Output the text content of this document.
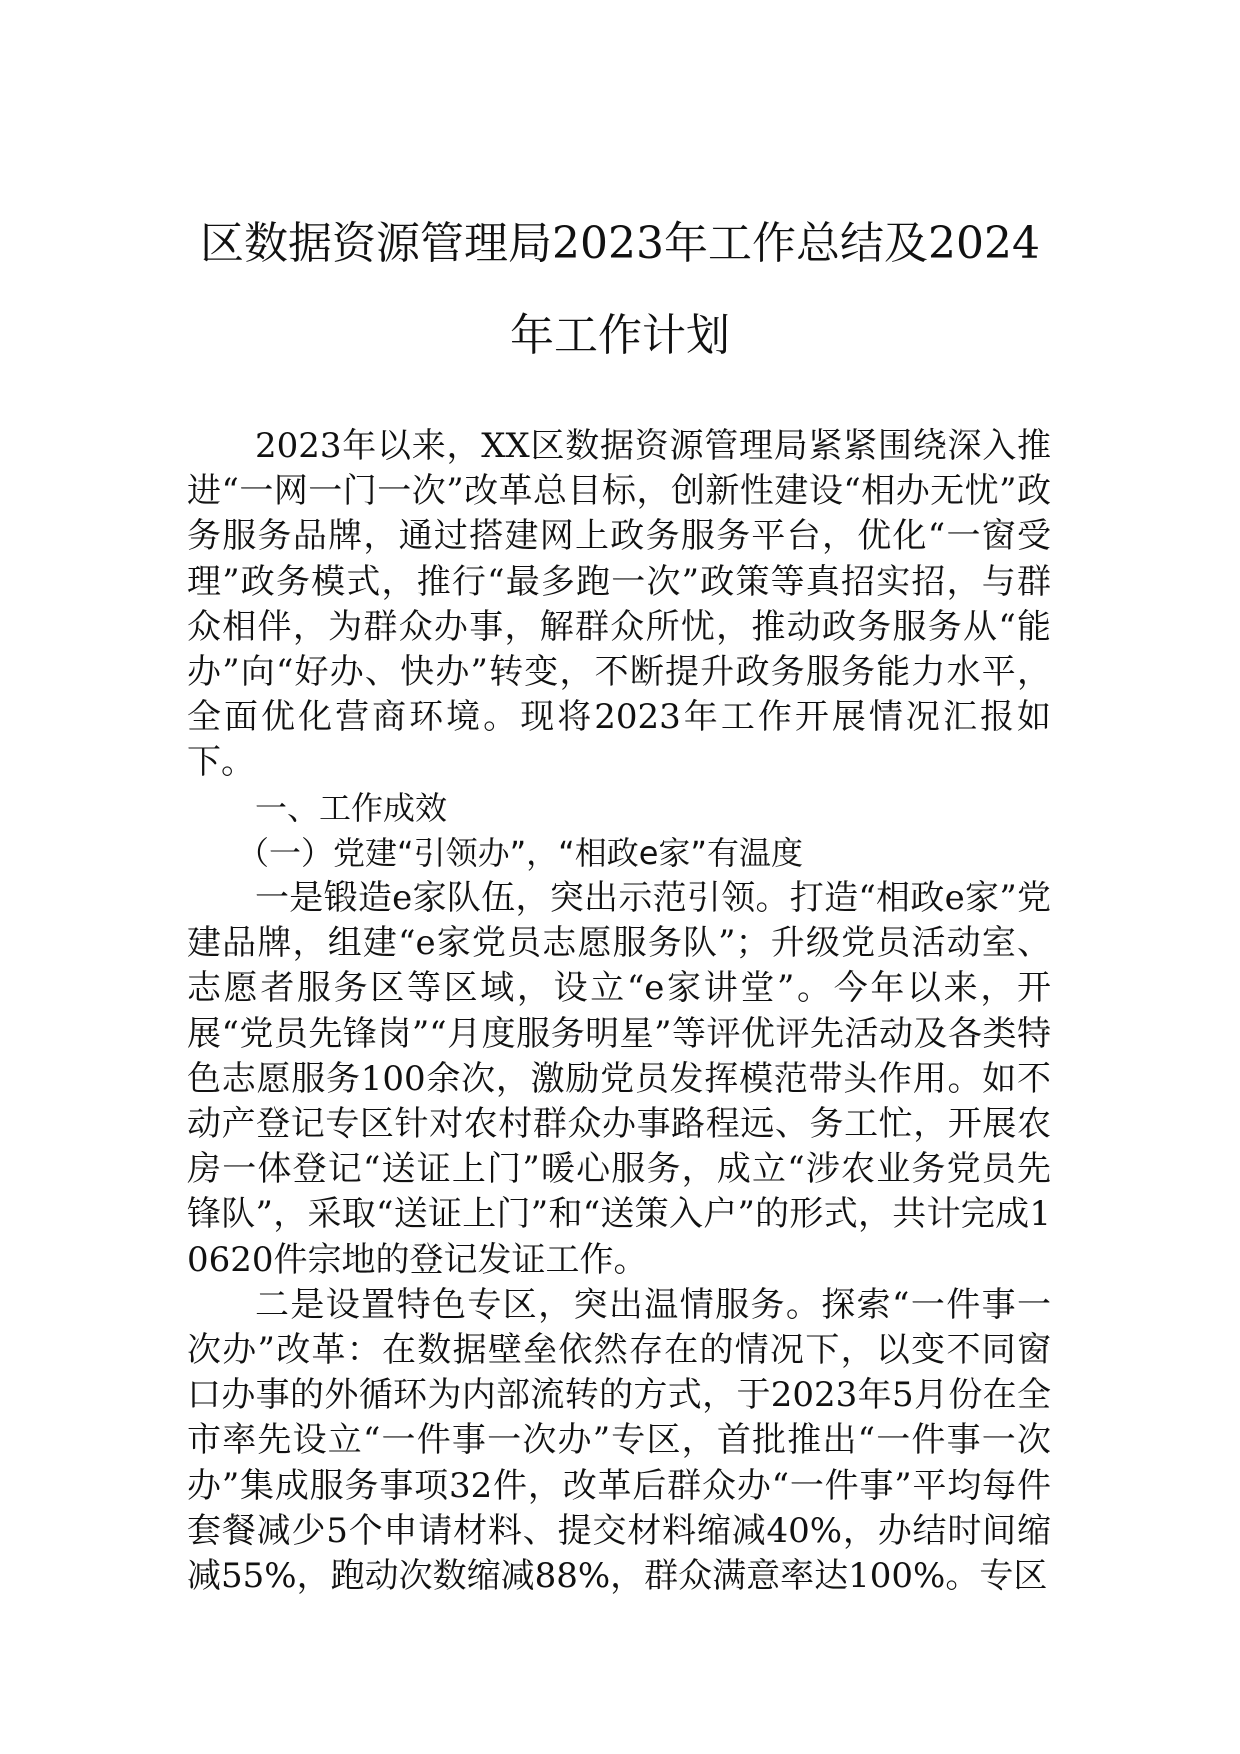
区数据资源管理局2023年工作总结及2024
年工作计划

2023年以来，XX区数据资源管理局紧紧围绕深入推进“一网一门一次”改革总目标，创新性建设“相办无忧”政务服务品牌，通过搭建网上政务服务平台，优化“一窗受理”政务模式，推行“最多跑一次”政策等真招实招，与群众相伴，为群众办事，解群众所忧，推动政务服务从“能办”向“好办、快办”转变，不断提升政务服务能力水平，全面优化营商环境。现将2023年工作开展情况汇报如下。

一、工作成效

（一）党建“引领办”，“相政e家”有温度

一是锻造e家队伍，突出示范引领。打造“相政e家”党建品牌，组建“e家党员志愿服务队”；升级党员活动室、志愿者服务区等区域，设立“e家讲堂”。今年以来，开展“党员先锋岗”“月度服务明星”等评优评先活动及各类特色志愿服务100余次，激励党员发挥模范带头作用。如不动产登记专区针对农村群众办事路程远、务工忙，开展农房一体登记“送证上门”暖心服务，成立“涉农业务党员先锋队”，采取“送证上门”和“送策入户”的形式，共计完成10620件宗地的登记发证工作。

二是设置特色专区，突出温情服务。探索“一件事一次办”改革：在数据壁垒依然存在的情况下，以变不同窗口办事的外循环为内部流转的方式，于2023年5月份在全市率先设立“一件事一次办”专区，首批推出“一件事一次办”集成服务事项32件，改革后群众办“一件事”平均每件套餐减少5个申请材料、提交材料缩减40%，办结时间缩减55%，跑动次数缩减88%，群众满意率达100%。专区
